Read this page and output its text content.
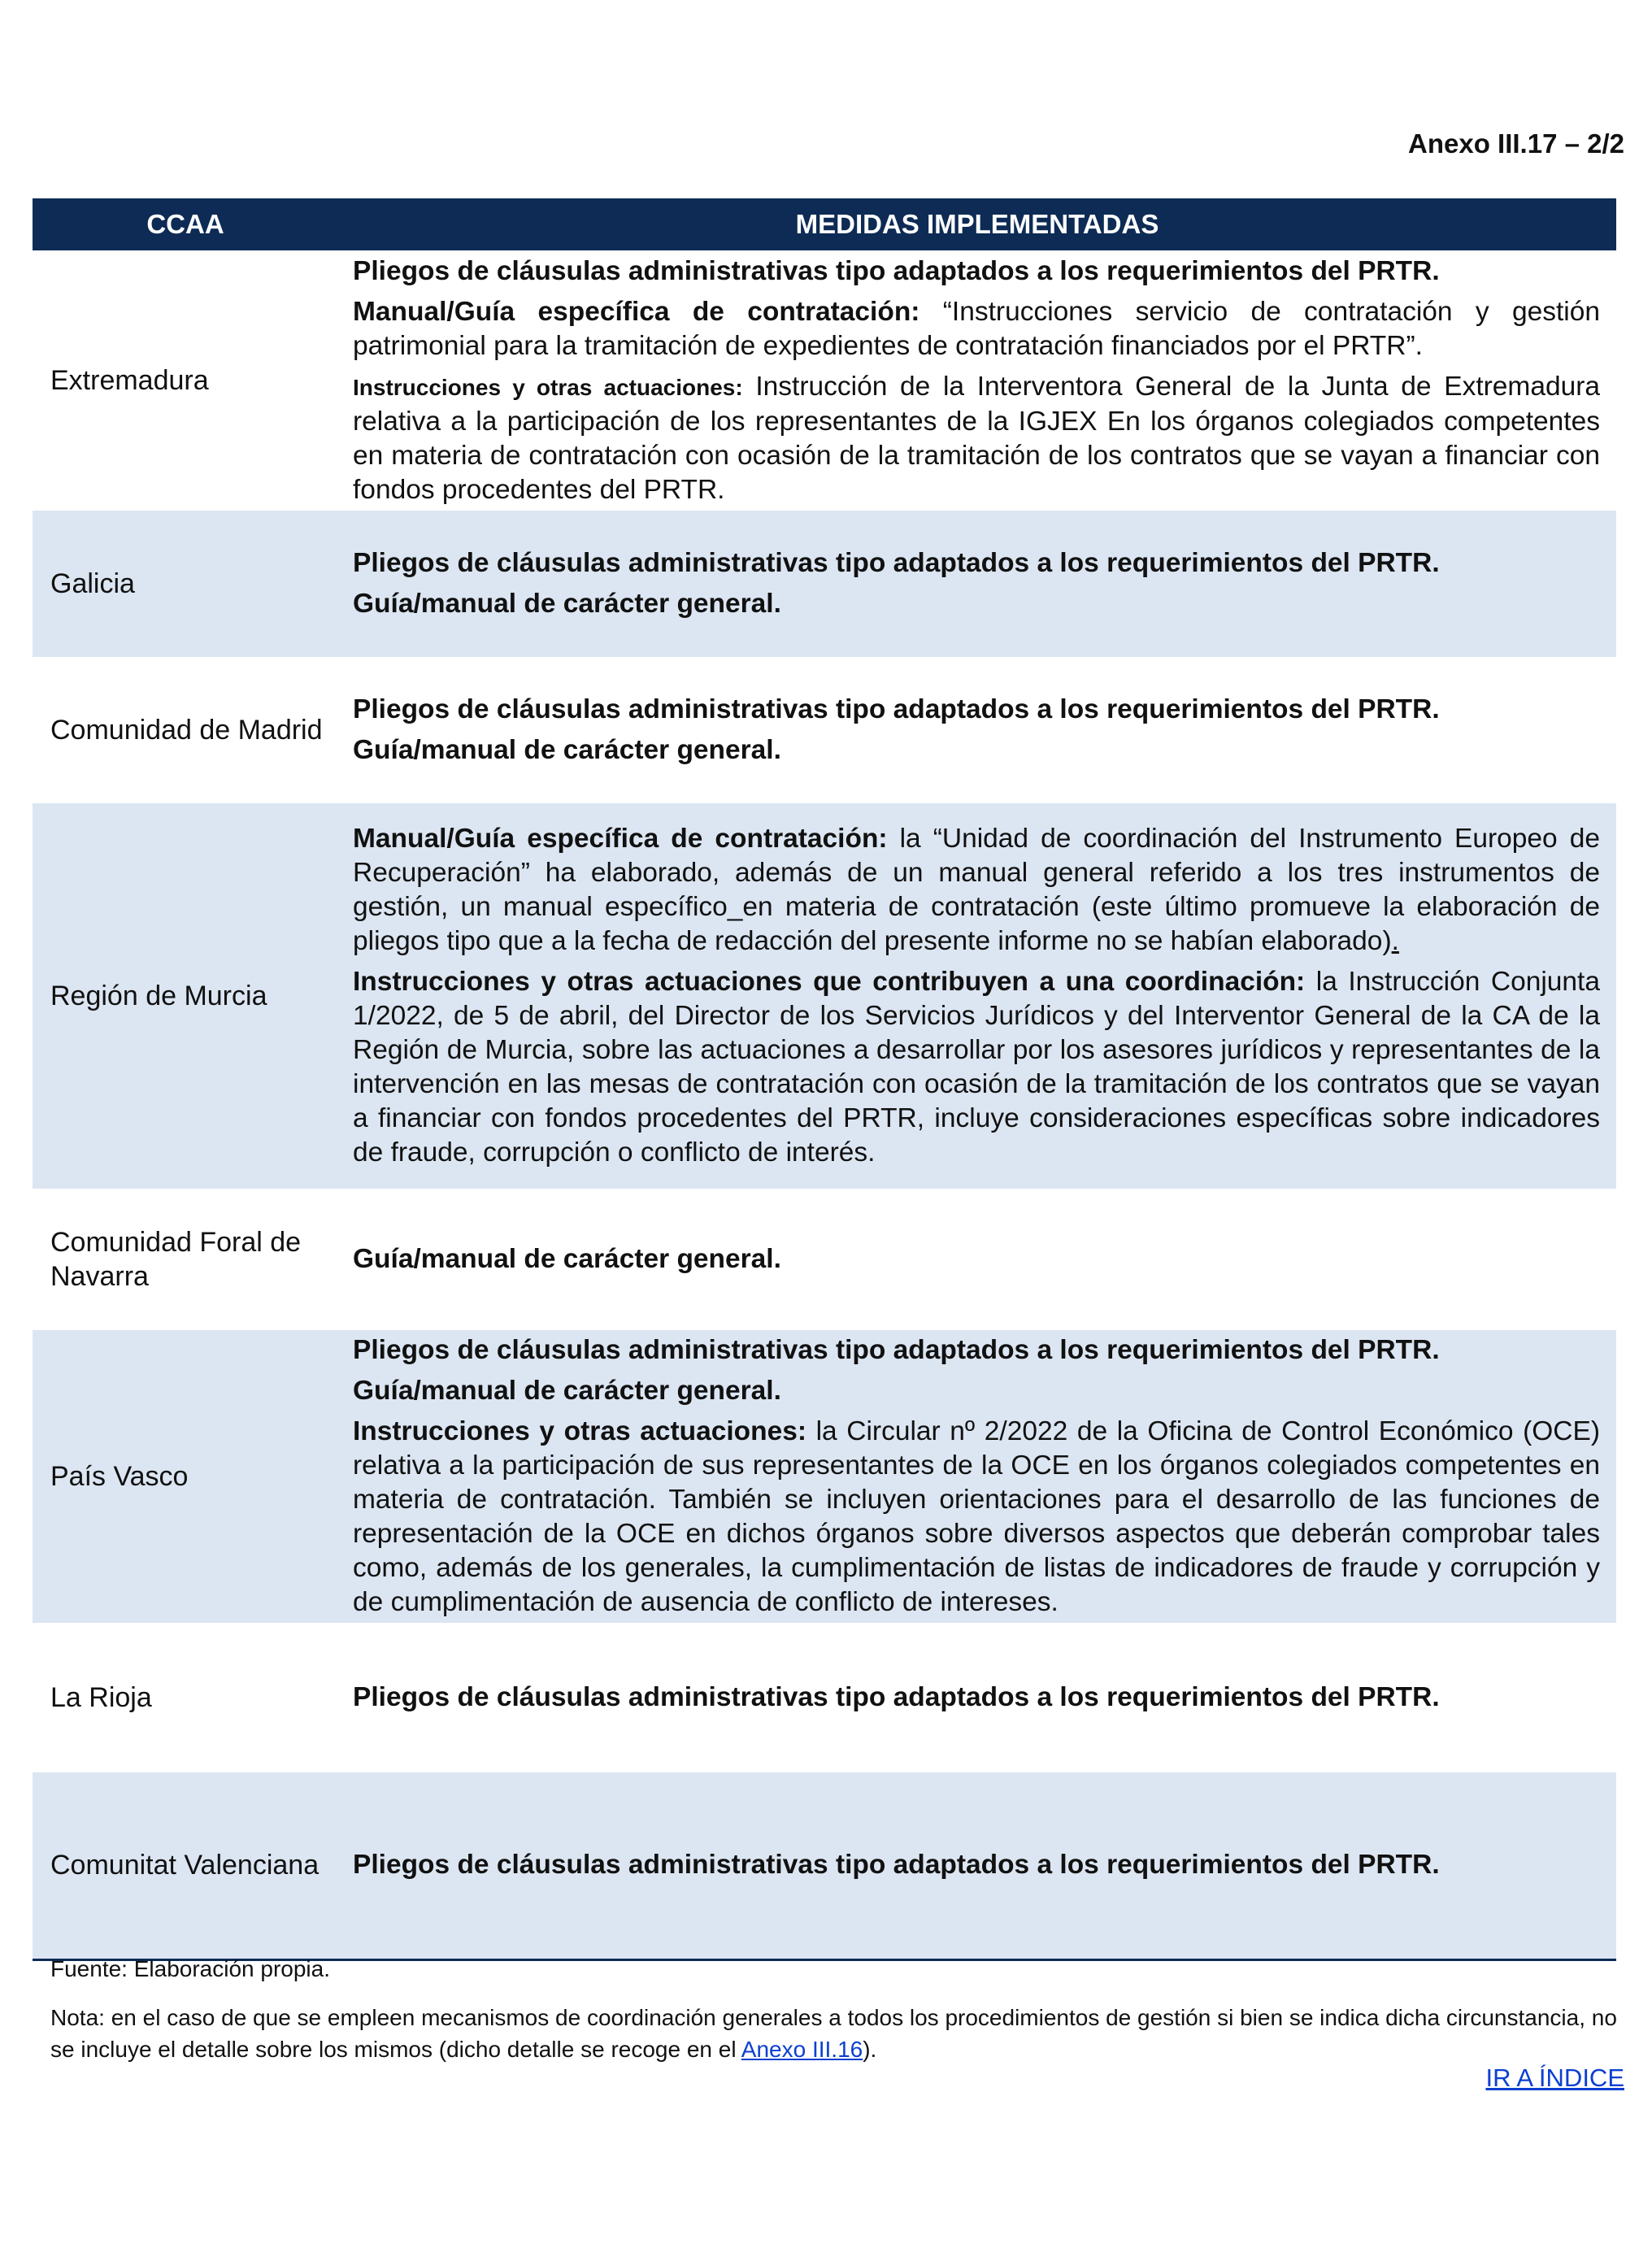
Anexo III.17 – 2/2
CCAA	MEDIDAS IMPLEMENTADAS
Extremadura	Pliegos de cláusulas administrativas tipo adaptados a los requerimientos del PRTR.

Manual/Guía específica de contratación: “Instrucciones servicio de contratación y gestión patrimonial para la tramitación de expedientes de contratación financiados por el PRTR”.

Instrucciones y otras actuaciones: Instrucción de la Interventora General de la Junta de Extremadura relativa a la participación de los representantes de la IGJEX En los órganos colegiados competentes en materia de contratación con ocasión de la tramitación de los contratos que se vayan a financiar con fondos procedentes del PRTR.

Galicia	Pliegos de cláusulas administrativas tipo adaptados a los requerimientos del PRTR.

Guía/manual de carácter general.

Comunidad de Madrid	Pliegos de cláusulas administrativas tipo adaptados a los requerimientos del PRTR.

Guía/manual de carácter general.

Región de Murcia	Manual/Guía específica de contratación: la “Unidad de coordinación del Instrumento Europeo de Recuperación” ha elaborado, además de un manual general referido a los tres instrumentos de gestión, un manual específico_en materia de contratación (este último promueve la elaboración de pliegos tipo que a la fecha de redacción del presente informe no se habían elaborado).

Instrucciones y otras actuaciones que contribuyen a una coordinación: la Instrucción Conjunta 1/2022, de 5 de abril, del Director de los Servicios Jurídicos y del Interventor General de la CA de la Región de Murcia, sobre las actuaciones a desarrollar por los asesores jurídicos y representantes de la intervención en las mesas de contratación con ocasión de la tramitación de los contratos que se vayan a financiar con fondos procedentes del PRTR, incluye consideraciones específicas sobre indicadores de fraude, corrupción o conflicto de interés.

Comunidad Foral de Navarra	Guía/manual de carácter general.

País Vasco	Pliegos de cláusulas administrativas tipo adaptados a los requerimientos del PRTR.

Guía/manual de carácter general.

Instrucciones y otras actuaciones: la Circular nº 2/2022 de la Oficina de Control Económico (OCE) relativa a la participación de sus representantes de la OCE en los órganos colegiados competentes en materia de contratación. También se incluyen orientaciones para el desarrollo de las funciones de representación de la OCE en dichos órganos sobre diversos aspectos que deberán comprobar tales como, además de los generales, la cumplimentación de listas de indicadores de fraude y corrupción y de cumplimentación de ausencia de conflicto de intereses.

La Rioja	Pliegos de cláusulas administrativas tipo adaptados a los requerimientos del PRTR.

Comunitat Valenciana	Pliegos de cláusulas administrativas tipo adaptados a los requerimientos del PRTR.

Fuente: Elaboración propia.
Nota: en el caso de que se empleen mecanismos de coordinación generales a todos los procedimientos de gestión si bien se indica dicha circunstancia, no se incluye el detalle sobre los mismos (dicho detalle se recoge en el Anexo III.16).
IR A ÍNDICE
